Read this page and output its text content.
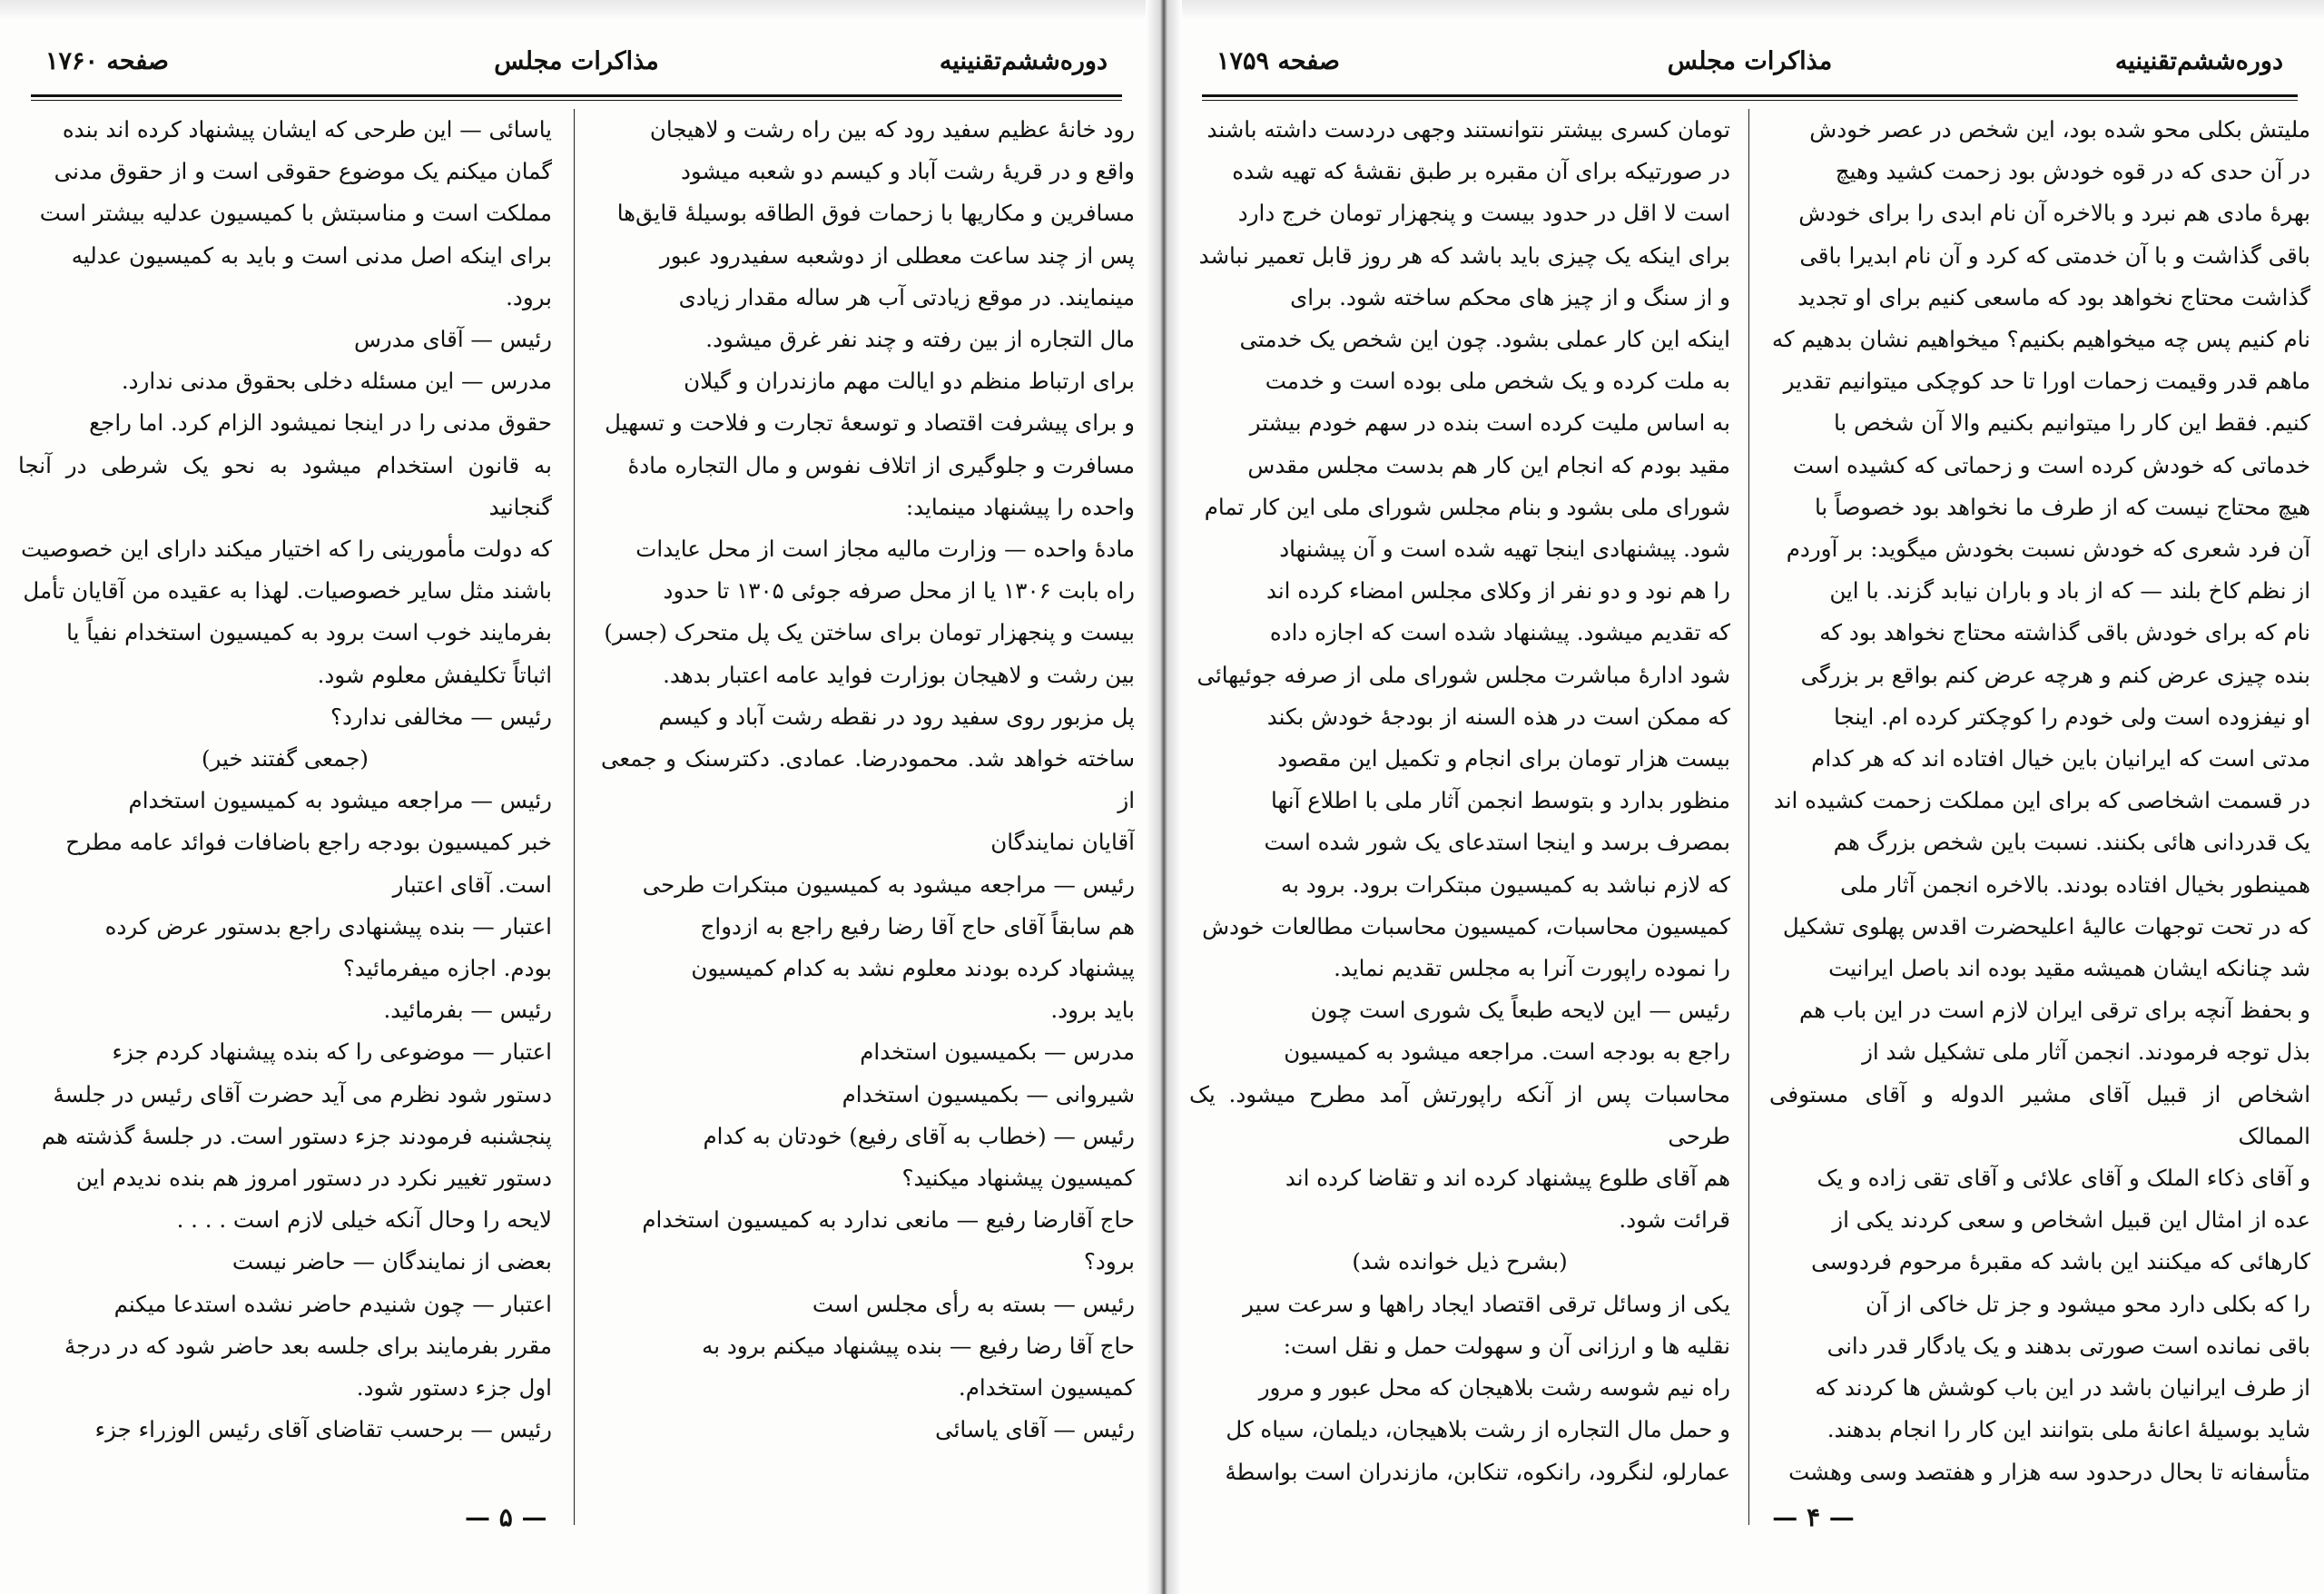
دوره‌ششم‌تقنینیه
مذاکرات مجلس
صفحه ۱۷۶۰

رود خانهٔ عظیم سفید رود که بین راه رشت و لاهیجان

واقع و در قریهٔ رشت آباد و کیسم دو شعبه میشود

مسافرین و مکاریها با زحمات فوق الطاقه بوسیلهٔ قایق‌ها

پس از چند ساعت معطلی از دوشعبه سفیدرود عبور

مینمایند. در موقع زیادتی آب هر ساله مقدار زیادی

مال التجاره از بین رفته و چند نفر غرق میشود.

برای ارتباط منظم دو ایالت مهم مازندران و گیلان

و برای پیشرفت اقتصاد و توسعهٔ تجارت و فلاحت و تسهیل

مسافرت و جلوگیری از اتلاف نفوس و مال التجاره مادهٔ

واحده را پیشنهاد مینماید:

مادهٔ واحده — وزارت مالیه مجاز است از محل عایدات

راه بابت ۱۳۰۶ یا از محل صرفه جوئی ۱۳۰۵ تا حدود

بیست و پنجهزار تومان برای ساختن یک پل متحرک (جسر)

بین رشت و لاهیجان بوزارت فواید عامه اعتبار بدهد.

پل مزبور روی سفید رود در نقطه رشت آباد و کیسم

ساخته خواهد شد. محمودرضا. عمادی. دکترسنک و جمعی از

آقایان نمایندگان

رئیس — مراجعه میشود به کمیسیون مبتکرات طرحی

هم سابقاً آقای حاج آقا رضا رفیع راجع به ازدواج

پیشنهاد کرده بودند معلوم نشد به کدام کمیسیون

باید برود.

مدرس — بکمیسیون استخدام

شیروانی — بکمیسیون استخدام

رئیس — (خطاب به آقای رفیع) خودتان به کدام

کمیسیون پیشنهاد میکنید؟

حاج آقارضا رفیع — مانعی ندارد به کمیسیون استخدام

برود؟

رئیس — بسته به رأی مجلس است

حاج آقا رضا رفیع — بنده پیشنهاد میکنم برود به

کمیسیون استخدام.

رئیس — آقای یاسائی

یاسائی — این طرحی که ایشان پیشنهاد کرده اند بنده

گمان میکنم یک موضوع حقوقی است و از حقوق مدنی

مملکت است و مناسبتش با کمیسیون عدلیه بیشتر است

برای اینکه اصل مدنی است و باید به کمیسیون عدلیه

برود.

رئیس — آقای مدرس

مدرس — این مسئله دخلی بحقوق مدنی ندارد.

حقوق مدنی را در اینجا نمیشود الزام کرد. اما راجع

به قانون استخدام میشود به نحو یک شرطی در آنجا گنجانید

که دولت مأمورینی را که اختیار میکند دارای این خصوصیت

باشند مثل سایر خصوصیات. لهذا به عقیده من آقایان تأمل

بفرمایند خوب است برود به کمیسیون استخدام نفیاً یا

اثباتاً تکلیفش معلوم شود.

رئیس — مخالفی ندارد؟

(جمعی گفتند خیر)

رئیس — مراجعه میشود به کمیسیون استخدام

خبر کمیسیون بودجه راجع باضافات فوائد عامه مطرح

است. آقای اعتبار

اعتبار — بنده پیشنهادی راجع بدستور عرض کرده

بودم. اجازه میفرمائید؟

رئیس — بفرمائید.

اعتبار — موضوعی را که بنده پیشنهاد کردم جزء

دستور شود نظرم می آید حضرت آقای رئیس در جلسهٔ

پنجشنبه فرمودند جزء دستور است. در جلسهٔ گذشته هم

دستور تغییر نکرد در دستور امروز هم بنده ندیدم این

لایحه را وحال آنکه خیلی لازم است . . . .

بعضی از نمایندگان — حاضر نیست

اعتبار — چون شنیدم حاضر نشده استدعا میکنم

مقرر بفرمایند برای جلسه بعد حاضر شود که در درجهٔ

اول جزء دستور شود.

رئیس — برحسب تقاضای آقای رئیس الوزراء جزء

— ۵ —
دوره‌ششم‌تقنینیه
مذاکرات مجلس
صفحه ۱۷۵۹

ملیتش بکلی محو شده بود، این شخص در عصر خودش

در آن حدی که در قوه خودش بود زحمت کشید وهیچ

بهرهٔ مادی هم نبرد و بالاخره آن نام ابدی را برای خودش

باقی گذاشت و با آن خدمتی که کرد و آن نام ابدیرا باقی

گذاشت محتاج نخواهد بود که ماسعی کنیم برای او تجدید

نام کنیم پس چه میخواهیم بکنیم؟ میخواهیم نشان بدهیم که

ماهم قدر وقیمت زحمات اورا تا حد کوچکی میتوانیم تقدیر

کنیم. فقط این کار را میتوانیم بکنیم والا آن شخص با

خدماتی که خودش کرده است و زحماتی که کشیده است

هیچ محتاج نیست که از طرف ما نخواهد بود خصوصاً با

آن فرد شعری که خودش نسبت بخودش میگوید: بر آوردم

از نظم کاخ بلند — که از باد و باران نیابد گزند. با این

نام که برای خودش باقی گذاشته محتاج نخواهد بود که

بنده چیزی عرض کنم و هرچه عرض کنم بواقع بر بزرگی

او نیفزوده است ولی خودم را کوچکتر کرده ام. اینجا

مدتی است که ایرانیان باین خیال افتاده اند که هر کدام

در قسمت اشخاصی که برای این مملکت زحمت کشیده اند

یک قدردانی هائی بکنند. نسبت باین شخص بزرگ هم

همینطور بخیال افتاده بودند. بالاخره انجمن آثار ملی

که در تحت توجهات عالیهٔ اعلیحضرت اقدس پهلوی تشکیل

شد چنانکه ایشان همیشه مقید بوده اند باصل ایرانیت

و بحفظ آنچه برای ترقی ایران لازم است در این باب هم

بذل توجه فرمودند. انجمن آثار ملی تشکیل شد از

اشخاص از قبیل آقای مشیر الدوله و آقای مستوفی الممالک

و آقای ذکاء الملک و آقای علائی و آقای تقی زاده و یک

عده از امثال این قبیل اشخاص و سعی کردند یکی از

کارهائی که میکنند این باشد که مقبرهٔ مرحوم فردوسی

را که بکلی دارد محو میشود و جز تل خاکی از آن

باقی نمانده است صورتی بدهند و یک یادگار قدر دانی

از طرف ایرانیان باشد در این باب کوشش ها کردند که

شاید بوسیلهٔ اعانهٔ ملی بتوانند این کار را انجام بدهند.

متأسفانه تا بحال درحدود سه هزار و هفتصد وسی وهشت

تومان کسری بیشتر نتوانستند وجهی دردست داشته باشند

در صورتیکه برای آن مقبره بر طبق نقشهٔ که تهیه شده

است لا اقل در حدود بیست و پنجهزار تومان خرج دارد

برای اینکه یک چیزی باید باشد که هر روز قابل تعمیر نباشد

و از سنگ و از چیز های محکم ساخته شود. برای

اینکه این کار عملی بشود. چون این شخص یک خدمتی

به ملت کرده و یک شخص ملی بوده است و خدمت

به اساس ملیت کرده است بنده در سهم خودم بیشتر

مقید بودم که انجام این کار هم بدست مجلس مقدس

شورای ملی بشود و بنام مجلس شورای ملی این کار تمام

شود. پیشنهادی اینجا تهیه شده است و آن پیشنهاد

را هم نود و دو نفر از وکلای مجلس امضاء کرده اند

که تقدیم میشود. پیشنهاد شده است که اجازه داده

شود ادارهٔ مباشرت مجلس شورای ملی از صرفه جوئیهائی

که ممکن است در هذه السنه از بودجهٔ خودش بکند

بیست هزار تومان برای انجام و تکمیل این مقصود

منظور بدارد و بتوسط انجمن آثار ملی با اطلاع آنها

بمصرف برسد و اینجا استدعای یک شور شده است

که لازم نباشد به کمیسیون مبتکرات برود. برود به

کمیسیون محاسبات، کمیسیون محاسبات مطالعات خودش

را نموده راپورت آنرا به مجلس تقدیم نماید.

رئیس — این لایحه طبعاً یک شوری است چون

راجع به بودجه است. مراجعه میشود به کمیسیون

محاسبات پس از آنکه راپورتش آمد مطرح میشود. یک طرحی

هم آقای طلوع پیشنهاد کرده اند و تقاضا کرده اند

قرائت شود.

(بشرح ذیل خوانده شد)

یکی از وسائل ترقی اقتصاد ایجاد راهها و سرعت سیر

نقلیه ها و ارزانی آن و سهولت حمل و نقل است:

راه نیم شوسه رشت بلاهیجان که محل عبور و مرور

و حمل مال التجاره از رشت بلاهیجان، دیلمان، سیاه کل

عمارلو، لنگرود، رانکوه، تنکابن، مازندران است بواسطهٔ

— ۴ —
